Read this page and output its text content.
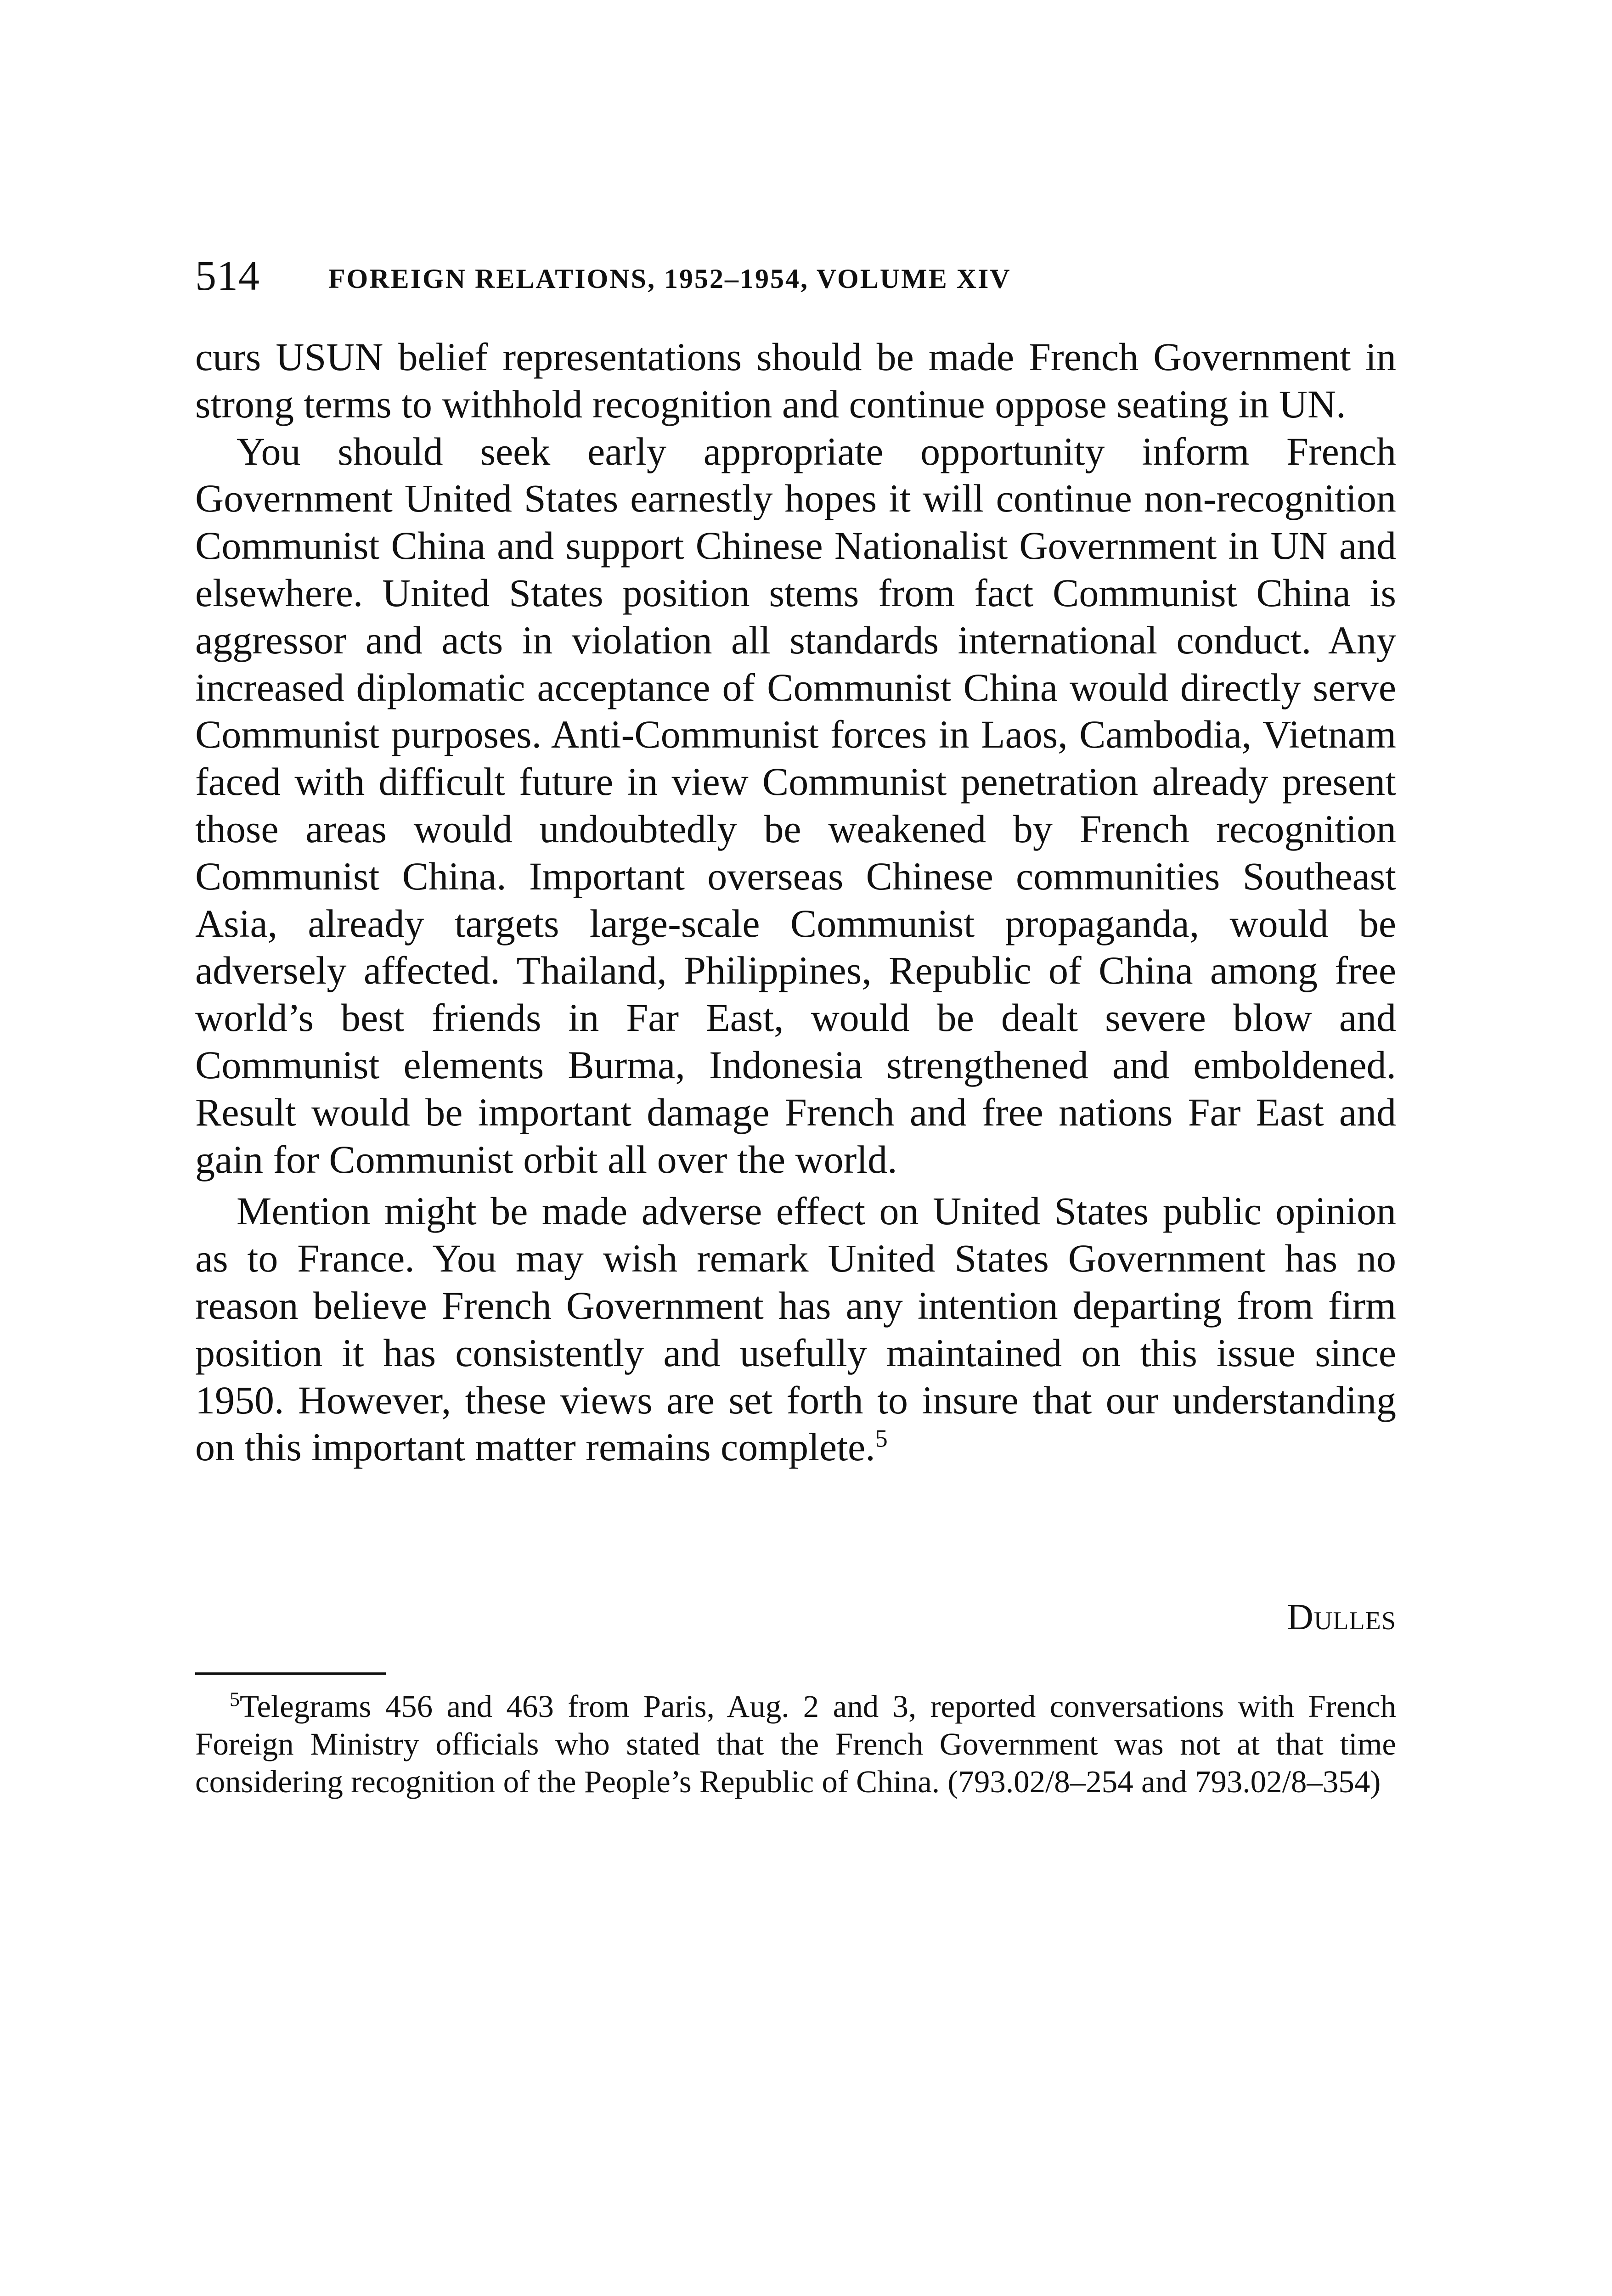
514 FOREIGN RELATIONS, 1952–1954, VOLUME XIV

curs USUN belief representations should be made French Government in strong terms to withhold recognition and continue oppose seating in UN.

You should seek early appropriate opportunity inform French Government United States earnestly hopes it will continue non-recognition Communist China and support Chinese Nationalist Government in UN and elsewhere. United States position stems from fact Communist China is aggressor and acts in violation all standards international conduct. Any increased diplomatic acceptance of Communist China would directly serve Communist purposes. Anti-Communist forces in Laos, Cambodia, Vietnam faced with difficult future in view Communist penetration already present those areas would undoubtedly be weakened by French recognition Communist China. Important overseas Chinese communities Southeast Asia, already targets large-scale Communist propaganda, would be adversely affected. Thailand, Philippines, Republic of China among free world’s best friends in Far East, would be dealt severe blow and Communist elements Burma, Indonesia strengthened and emboldened. Result would be important damage French and free nations Far East and gain for Communist orbit all over the world.

Mention might be made adverse effect on United States public opinion as to France. You may wish remark United States Government has no reason believe French Government has any intention departing from firm position it has consistently and usefully maintained on this issue since 1950. However, these views are set forth to insure that our understanding on this important matter remains complete.$^5$

Dulles

$^5$Telegrams 456 and 463 from Paris, Aug. 2 and 3, reported conversations with French Foreign Ministry officials who stated that the French Government was not at that time considering recognition of the People’s Republic of China. (793.02/8–254 and 793.02/8–354)
